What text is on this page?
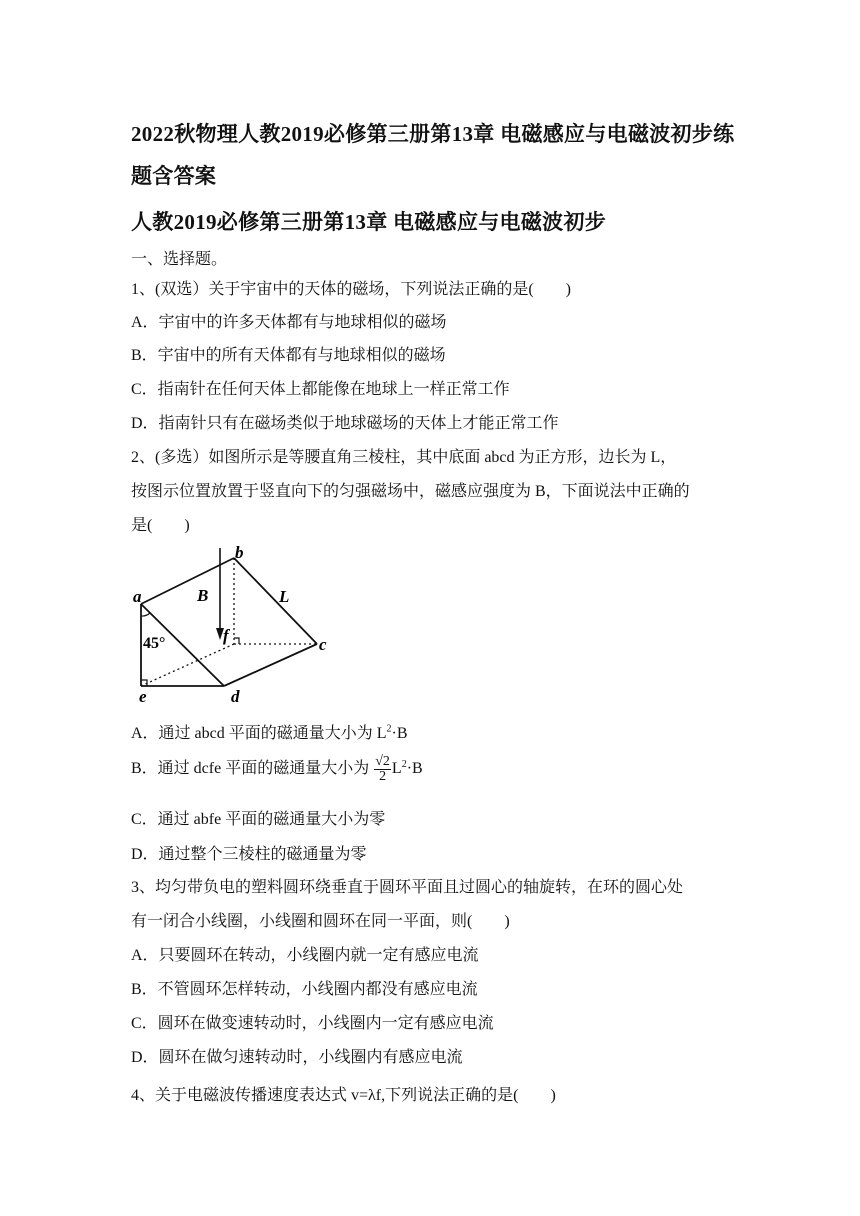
2022秋物理人教2019必修第三册第13章 电磁感应与电磁波初步练
题含答案
人教2019必修第三册第13章 电磁感应与电磁波初步
一、选择题。
1、(双选）关于宇宙中的天体的磁场，下列说法正确的是(　　)
A．宇宙中的许多天体都有与地球相似的磁场
B．宇宙中的所有天体都有与地球相似的磁场
C．指南针在任何天体上都能像在地球上一样正常工作
D．指南针只有在磁场类似于地球磁场的天体上才能正常工作
2、(多选）如图所示是等腰直角三棱柱，其中底面 abcd 为正方形，边长为 L，
按图示位置放置于竖直向下的匀强磁场中，磁感应强度为 B，下面说法中正确的
是(　　)
a
b
c
d
e
f
B	L
45°
A．通过 abcd 平面的磁通量大小为 $L^2\cdot B$
B．通过 dcfe 平面的磁通量大小为 $\frac{√2}{2} L^2\cdot B$
C．通过 abfe 平面的磁通量大小为零
D．通过整个三棱柱的磁通量为零
3、均匀带负电的塑料圆环绕垂直于圆环平面且过圆心的轴旋转，在环的圆心处
有一闭合小线圈，小线圈和圆环在同一平面，则(　　)
A．只要圆环在转动，小线圈内就一定有感应电流
B．不管圆环怎样转动，小线圈内都没有感应电流
C．圆环在做变速转动时，小线圈内一定有感应电流
D．圆环在做匀速转动时，小线圈内有感应电流
4、关于电磁波传播速度表达式 v=λf,下列说法正确的是(　　)
